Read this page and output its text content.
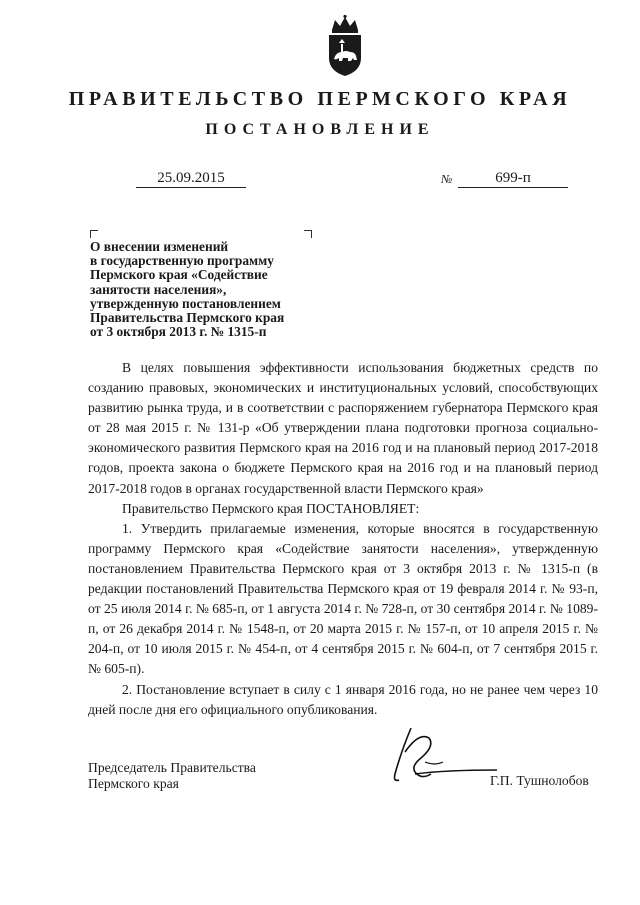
ПРАВИТЕЛЬСТВО ПЕРМСКОГО КРАЯ
ПОСТАНОВЛЕНИЕ
25.09.2015	№	699-п
О внесении изменений
в государственную программу
Пермского края «Содействие
занятости населения»,
утвержденную постановлением
Правительства Пермского края
от 3 октября 2013 г. № 1315-п

В целях повышения эффективности использования бюджетных средств по созданию правовых, экономических и институциональных условий, способствующих развитию рынка труда, и в соответствии с распоряжением губернатора Пермского края от 28 мая 2015 г. № 131-р «Об утверждении плана подготовки прогноза социально-экономического развития Пермского края на 2016 год и на плановый период 2017-2018 годов, проекта закона о бюджете Пермского края на 2016 год и на плановый период 2017-2018 годов в органах государственной власти Пермского края»

Правительство Пермского края ПОСТАНОВЛЯЕТ:

1. Утвердить прилагаемые изменения, которые вносятся в государственную программу Пермского края «Содействие занятости населения», утвержденную постановлением Правительства Пермского края от 3 октября 2013 г. № 1315-п (в редакции постановлений Правительства Пермского края от 19 февраля 2014 г. № 93-п, от 25 июля 2014 г. № 685-п, от 1 августа 2014 г. № 728-п, от 30 сентября 2014 г. № 1089-п, от 26 декабря 2014 г. № 1548-п, от 20 марта 2015 г. № 157-п, от 10 апреля 2015 г. № 204-п, от 10 июля 2015 г. № 454-п, от 4 сентября 2015 г. № 604-п, от 7 сентября 2015 г. № 605-п).

2. Постановление вступает в силу с 1 января 2016 года, но не ранее чем через 10 дней после дня его официального опубликования.

Председатель Правительства
Пермского края	Г.П. Тушнолобов
